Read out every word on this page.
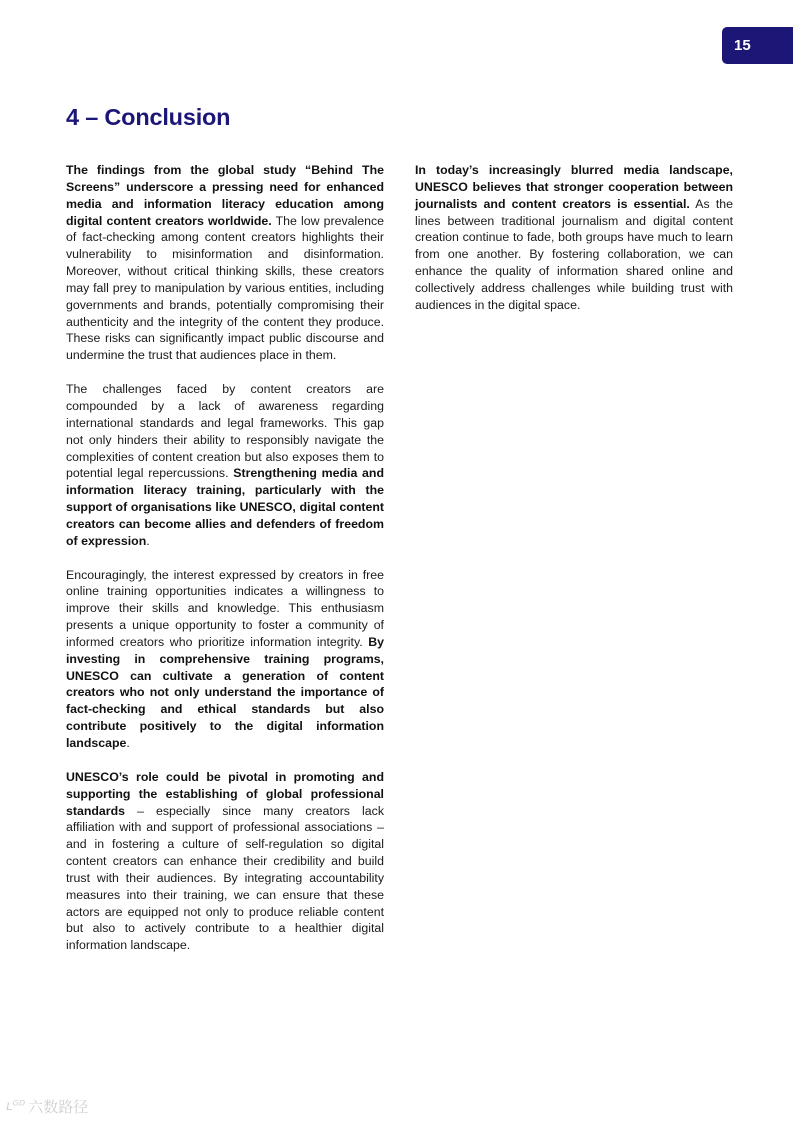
15
4 – Conclusion

The findings from the global study “Behind The Screens” underscore a pressing need for enhanced media and information literacy education among digital content creators worldwide. The low prevalence of fact-checking among content creators highlights their vulnerability to misinformation and disinformation. Moreover, without critical thinking skills, these creators may fall prey to manipulation by various entities, including governments and brands, potentially compromising their authenticity and the integrity of the content they produce. These risks can significantly impact public discourse and undermine the trust that audiences place in them.

The challenges faced by content creators are compounded by a lack of awareness regarding international standards and legal frameworks. This gap not only hinders their ability to responsibly navigate the complexities of content creation but also exposes them to potential legal repercussions. Strengthening media and information literacy training, particularly with the support of organisations like UNESCO, digital content creators can become allies and defenders of freedom of expression.

Encouragingly, the interest expressed by creators in free online training opportunities indicates a willingness to improve their skills and knowledge. This enthusiasm presents a unique opportunity to foster a community of informed creators who prioritize information integrity. By investing in comprehensive training programs, UNESCO can cultivate a generation of content creators who not only understand the importance of fact-checking and ethical standards but also contribute positively to the digital information landscape.

UNESCO’s role could be pivotal in promoting and supporting the establishing of global professional standards – especially since many creators lack affiliation with and support of professional associations – and in fostering a culture of self-regulation so digital content creators can enhance their credibility and build trust with their audiences. By integrating accountability measures into their training, we can ensure that these actors are equipped not only to produce reliable content but also to actively contribute to a healthier digital information landscape.

In today’s increasingly blurred media landscape, UNESCO believes that stronger cooperation between journalists and content creators is essential. As the lines between traditional journalism and digital content creation continue to fade, both groups have much to learn from one another. By fostering collaboration, we can enhance the quality of information shared online and collectively address challenges while building trust with audiences in the digital space.

ʟᴳᴰ 六数路径
